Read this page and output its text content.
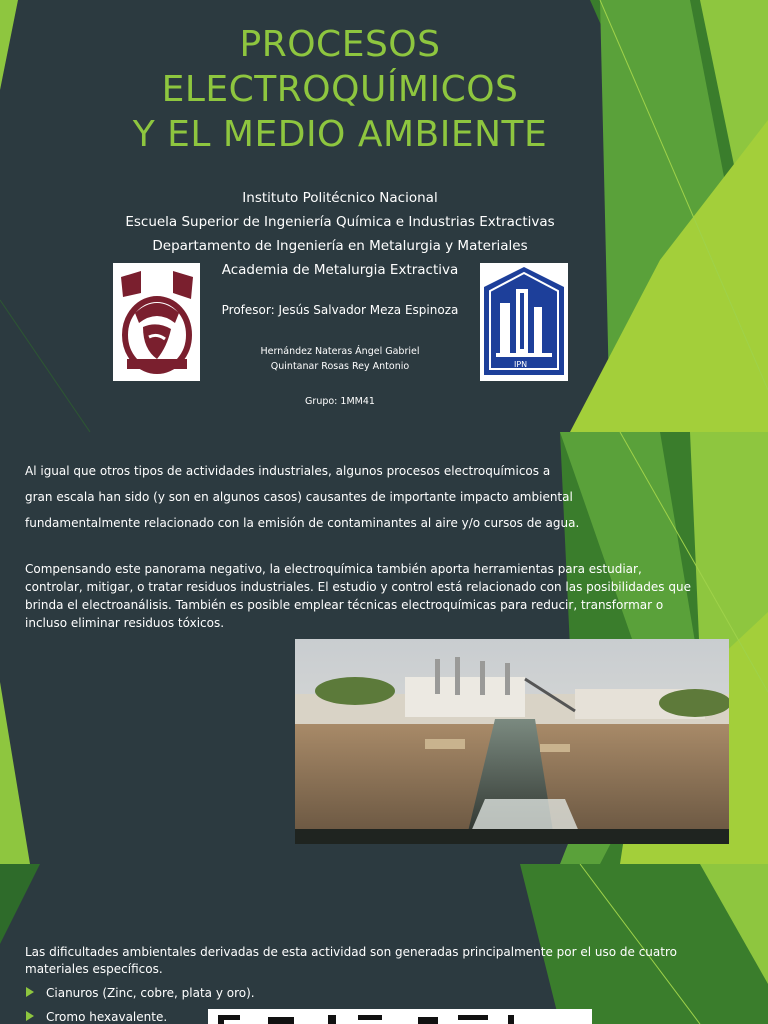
PROCESOS
ELECTROQUÍMICOS
Y EL MEDIO AMBIENTE
Instituto Politécnico Nacional
Escuela Superior de Ingeniería Química e Industrias Extractivas
Departamento de Ingeniería en Metalurgia y Materiales
Academia de Metalurgia Extractiva
Profesor: Jesús Salvador Meza Espinoza
Hernández Nateras Ángel Gabriel
Quintanar Rosas Rey Antonio
Grupo: 1MM41
IPN
IPN
Al igual que otros tipos de actividades industriales, algunos procesos electroquímicos a
gran escala han sido (y son en algunos casos) causantes de importante impacto ambiental
fundamentalmente relacionado con la emisión de contaminantes al aire y/o cursos de agua.
Compensando este panorama negativo, la electroquímica también aporta herramientas para estudiar,
controlar, mitigar, o tratar residuos industriales. El estudio y control está relacionado con las posibilidades que
brinda el electroanálisis. También es posible emplear técnicas electroquímicas para reducir, transformar o
incluso eliminar residuos tóxicos.
Las dificultades ambientales derivadas de esta actividad son generadas principalmente por el uso de cuatro
materiales específicos.
Cianuros (Zinc, cobre, plata y oro).
Cromo hexavalente.
